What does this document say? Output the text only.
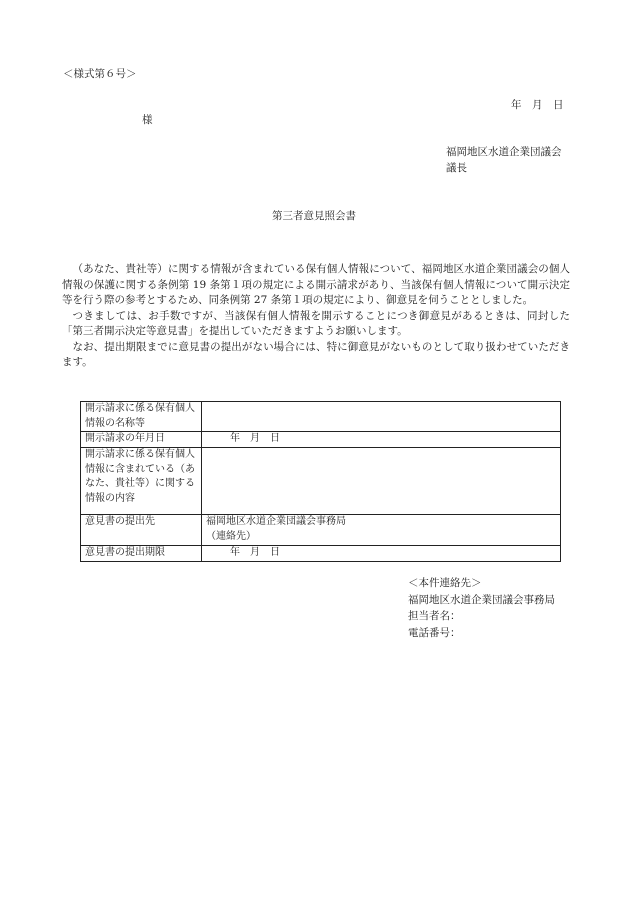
＜様式第６号＞
年　月　日
様
福岡地区水道企業団議会
議長
第三者意見照会書

（あなた、貴社等）に関する情報が含まれている保有個人情報について、福岡地区水道企業団議会の個人情報の保護に関する条例第 19 条第１項の規定による開示請求があり、当該保有個人情報について開示決定等を行う際の参考とするため、同条例第 27 条第１項の規定により、御意見を伺うこととしました。

つきましては、お手数ですが、当該保有個人情報を開示することにつき御意見があるときは、同封した「第三者開示決定等意見書」を提出していただきますようお願いします。

なお、提出期限までに意見書の提出がない場合には、特に御意見がないものとして取り扱わせていただきます。

開示請求に係る保有個人情報の名称等	
開示請求の年月日	　年　月　日
開示請求に係る保有個人情報に含まれている（あなた、貴社等）に関する情報の内容	
意見書の提出先	福岡地区水道企業団議会事務局
（連絡先）

意見書の提出期限	　年　月　日
＜本件連絡先＞
福岡地区水道企業団議会事務局
担当者名：
電話番号：
